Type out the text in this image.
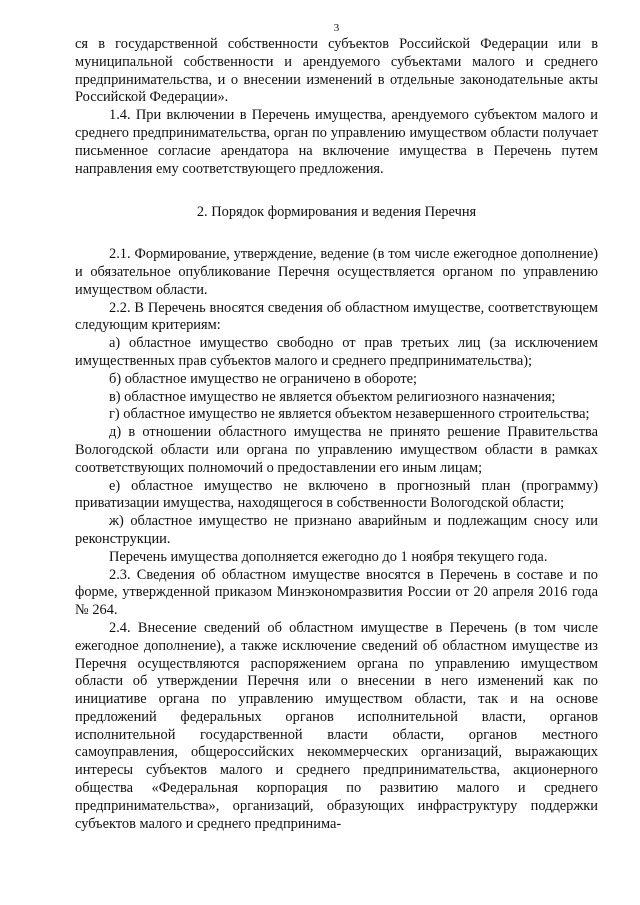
3

ся в государственной собственности субъектов Российской Федерации или в муниципальной собственности и арендуемого субъектами малого и среднего предпринимательства, и о внесении изменений в отдельные законодательные акты Российской Федерации».

1.4. При включении в Перечень имущества, арендуемого субъектом малого и среднего предпринимательства, орган по управлению имуществом области получает письменное согласие арендатора на включение имущества в Перечень путем направления ему соответствующего предложения.

2. Порядок формирования и ведения Перечня

2.1. Формирование, утверждение, ведение (в том числе ежегодное дополнение) и обязательное опубликование Перечня осуществляется органом по управлению имуществом области.

2.2. В Перечень вносятся сведения об областном имуществе, соответствующем следующим критериям:

а) областное имущество свободно от прав третьих лиц (за исключением имущественных прав субъектов малого и среднего предпринимательства);

б) областное имущество не ограничено в обороте;

в) областное имущество не является объектом религиозного назначения;

г) областное имущество не является объектом незавершенного строительства;

д) в отношении областного имущества не принято решение Правительства Вологодской области или органа по управлению имуществом области в рамках соответствующих полномочий о предоставлении его иным лицам;

е) областное имущество не включено в прогнозный план (программу) приватизации имущества, находящегося в собственности Вологодской области;

ж) областное имущество не признано аварийным и подлежащим сносу или реконструкции.

Перечень имущества дополняется ежегодно до 1 ноября текущего года.

2.3. Сведения об областном имуществе вносятся в Перечень в составе и по форме, утвержденной приказом Минэкономразвития России от 20 апреля 2016 года № 264.

2.4. Внесение сведений об областном имуществе в Перечень (в том числе ежегодное дополнение), а также исключение сведений об областном имуществе из Перечня осуществляются распоряжением органа по управлению имуществом области об утверждении Перечня или о внесении в него изменений как по инициативе органа по управлению имуществом области, так и на основе предложений федеральных органов исполнительной власти, органов исполнительной государственной власти области, органов местного самоуправления, общероссийских некоммерческих организаций, выражающих интересы субъектов малого и среднего предпринимательства, акционерного общества «Федеральная корпорация по развитию малого и среднего предпринимательства», организаций, образующих инфраструктуру поддержки субъектов малого и среднего предпринима-
